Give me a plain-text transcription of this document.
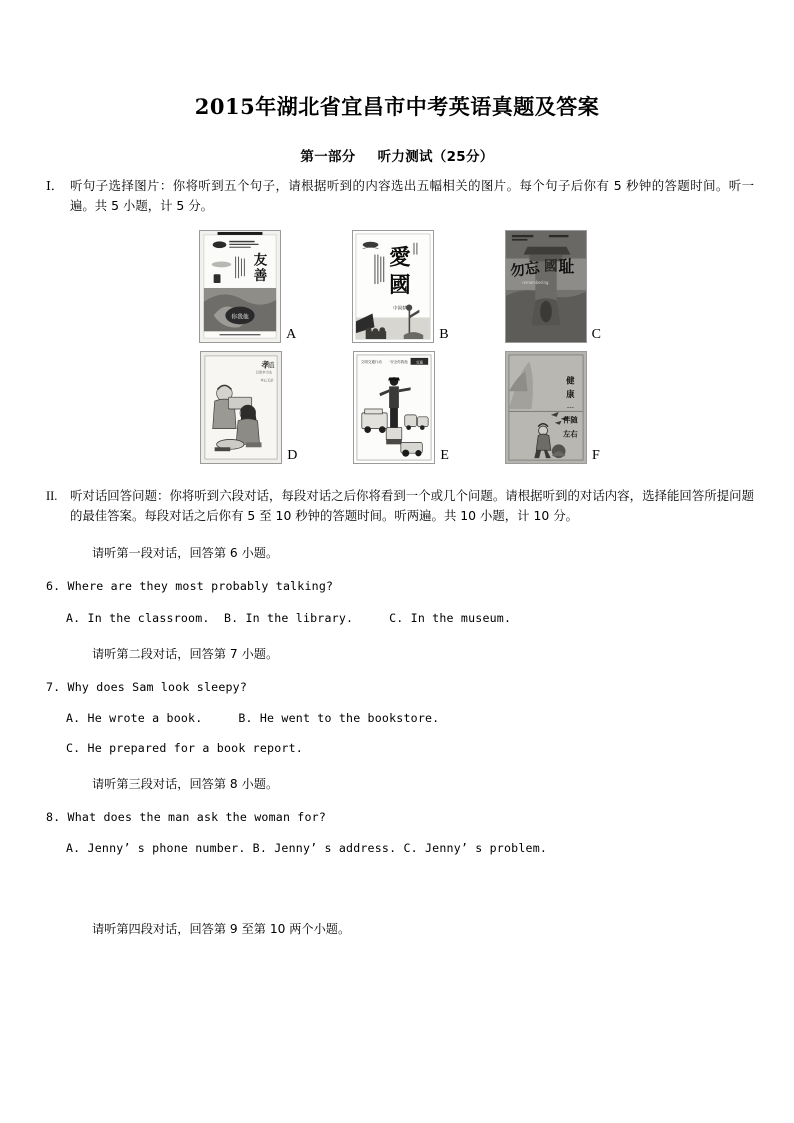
2015年湖北省宜昌市中考英语真题及答案
第一部分 听力测试（25分）
Ⅰ． 听句子选择图片：你将听到五个句子，请根据听到的内容选出五幅相关的图片。每个句子后你有 5 秒钟的答题时间。听一遍。共 5 小题，计 5 分。
友
善
你我他
A
愛
國
中国梦
B
勿忘 耻
國
remembering
C
孝
道
百善孝为先
孝心无价
D
文明交通行动 ·安全你我他 交通
E
健
康
---
伴随
左右
F
II. 听对话回答问题：你将听到六段对话，每段对话之后你将看到一个或几个问题。请根据听到的对话内容，选择能回答所提问题的最佳答案。每段对话之后你有 5 至 10 秒钟的答题时间。听两遍。共 10 小题，计 10 分。

请听第一段对话，回答第 6 小题。

6. Where are they most probably talking?

A. In the classroom.  B. In the library.     C. In the museum.

请听第二段对话，回答第 7 小题。

7. Why does Sam look sleepy?

A. He wrote a book.     B. He went to the bookstore.

C. He prepared for a book report.

请听第三段对话，回答第 8 小题。

8. What does the man ask the woman for?

A. Jenny’ s phone number. B. Jenny’ s address. C. Jenny’ s problem.

请听第四段对话，回答第 9 至第 10 两个小题。
